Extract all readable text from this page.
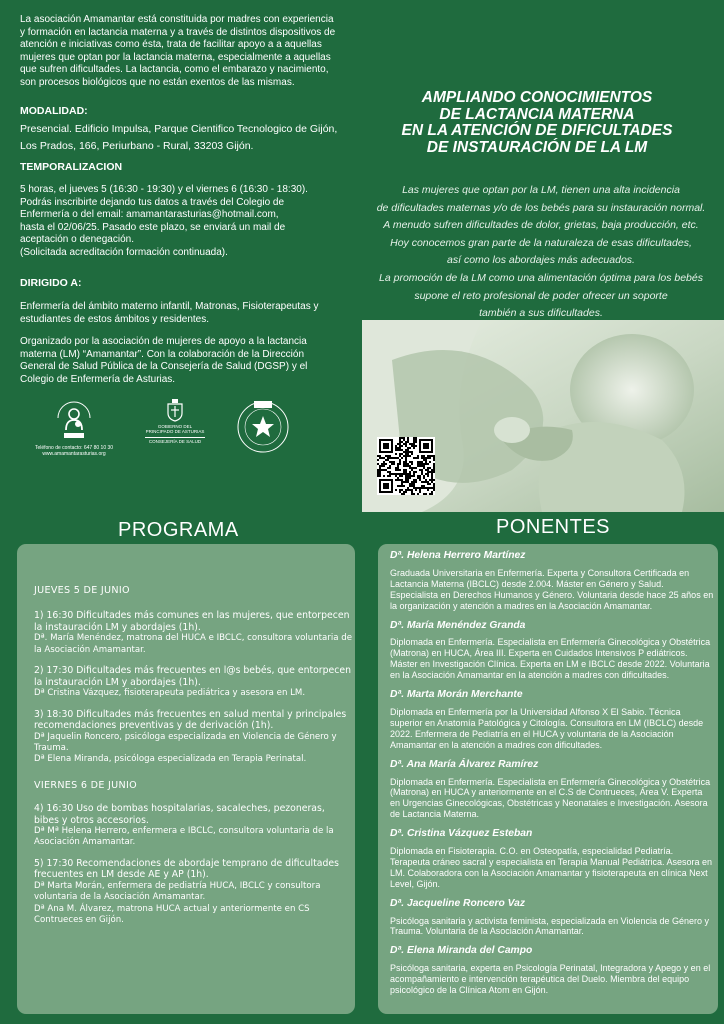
La asociación Amamantar está constituida por madres con experiencia y formación en lactancia materna y a través de distintos dispositivos de atención e iniciativas como ésta, trata de facilitar apoyo a a aquellas mujeres que optan por la lactancia materna, especialmente a aquellas que sufren dificultades. La lactancia, como el embarazo y nacimiento, son procesos biológicos que no están exentos de las mismas.

MODALIDAD:

Presencial. Edificio Impulsa, Parque Cientifico Tecnologico de Gijón, Los Prados, 166, Periurbano - Rural, 33203 Gijón.

TEMPORALIZACION
5 horas, el jueves 5 (16:30 - 19:30) y el viernes 6 (16:30 - 18:30).
Podrás inscribirte dejando tus datos a través del Colegio de
Enfermería o del email: amamantarasturias@hotmail.com,
hasta el 02/06/25. Pasado este plazo, se enviará un mail de
aceptación o denegación.
(Solicitada acreditación formación continuada).
DIRIGIDO A:

Enfermería del ámbito materno infantil, Matronas, Fisioterapeutas y estudiantes de estos ámbitos y residentes.

Organizado por la asociación de mujeres de apoyo a la lactancia materna (LM) “Amamantar”. Con la colaboración de la Dirección General de Salud Pública de la Consejería de Salud (DGSP) y el Colegio de Enfermería de Asturias.

Teléfono de contacto: 647 80 10 30
www.amamantarasturias.org
GOBIERNO DEL
PRINCIPADO DE ASTURIAS
CONSEJERÍA DE SALUD
AMPLIANDO CONOCIMIENTOS
DE LACTANCIA MATERNA
EN LA ATENCIÓN DE DIFICULTADES
DE INSTAURACIÓN DE LA LM
Las mujeres que optan por la LM, tienen una alta incidencia
de dificultades maternas y/o de los bebés para su instauración normal.
A menudo sufren dificultades de dolor, grietas, baja producción, etc.
Hoy conocemos gran parte de la naturaleza de esas dificultades,
así como los abordajes más adecuados.
La promoción de la LM como una alimentación óptima para los bebés
supone el reto profesional de poder ofrecer un soporte
también a sus dificultades.
PROGRAMA	PONENTES
JUEVES 5 DE JUNIO
1) 16:30 Dificultades más comunes en las mujeres, que entorpecen la instauración LM y abordajes (1h).
Dª. María Menéndez, matrona del HUCA e IBCLC, consultora voluntaria de la Asociación Amamantar.
2) 17:30 Dificultades más frecuentes en l@s bebés, que entorpecen la instauración LM y abordajes (1h).
Dª Cristina Vázquez, fisioterapeuta pediátrica y asesora en LM.
3) 18:30 Dificultades más frecuentes en salud mental y principales recomendaciones preventivas y de derivación (1h).
Dª Jaquelin Roncero, psicóloga especializada en Violencia de Género y Trauma.
Dª Elena Miranda, psicóloga especializada en Terapia Perinatal.
VIERNES 6 DE JUNIO
4) 16:30 Uso de bombas hospitalarias, sacaleches, pezoneras, bibes y otros accesorios.
Dª Mª Helena Herrero, enfermera e IBCLC, consultora voluntaria de la Asociación Amamantar.
5) 17:30 Recomendaciones de abordaje temprano de dificultades frecuentes en LM desde AE y AP (1h).
Dª Marta Morán, enfermera de pediatría HUCA, IBCLC y consultora voluntaria de la Asociación Amamantar.
Dª Ana M. Álvarez, matrona HUCA actual y anteriormente en CS Contrueces en Gijón.
Dª. Helena Herrero Martínez
Graduada Universitaria en Enfermería. Experta y Consultora Certificada en Lactancia Materna (IBCLC) desde 2.004. Máster en Género y Salud. Especialista en Derechos Humanos y Género. Voluntaria desde hace 25 años en la organización y atención a madres en la Asociación Amamantar.
Dª. María Menéndez Granda
Diplomada en Enfermería. Especialista en Enfermería Ginecológica y Obstétrica (Matrona) en HUCA, Área III. Experta en Cuidados Intensivos P ediátricos. Máster en Investigación Clínica. Experta en LM e IBCLC desde 2022. Voluntaria en la Asociación Amamantar en la atención a madres con dificultades.
Dª. Marta Morán Merchante
Diplomada en Enfermería por la Universidad Alfonso X El Sabio. Técnica superior en Anatomía Patológica y Citología. Consultora en LM (IBCLC) desde 2022. Enfermera de Pediatría en el HUCA y voluntaria de la Asociación Amamantar en la atención a madres con dificultades.
Dª. Ana María Álvarez Ramírez
Diplomada en Enfermería. Especialista en Enfermería Ginecológica y Obstétrica (Matrona) en HUCA y anteriormente en el C.S de Contrueces, Área V. Experta en Urgencias Ginecológicas, Obstétricas y Neonatales e Investigación. Asesora de Lactancia Materna.
Dª. Cristina Vázquez Esteban
Diplomada en Fisioterapia. C.O. en Osteopatía, especialidad Pediatría. Terapeuta cráneo sacral y especialista en Terapia Manual Pediátrica. Asesora en LM. Colaboradora con la Asociación Amamantar y fisioterapeuta en clínica Next Level, Gijón.
Dª. Jacqueline Roncero Vaz
Psicóloga sanitaria y activista feminista, especializada en Violencia de Género y Trauma. Voluntaria de la Asociación Amamantar.
Dª. Elena Miranda del Campo
Psicóloga sanitaria, experta en Psicología Perinatal, Integradora y Apego y en el acompañamiento e intervención terapéutica del Duelo. Miembra del equipo psicológico de la Clínica Atom en Gijón.
